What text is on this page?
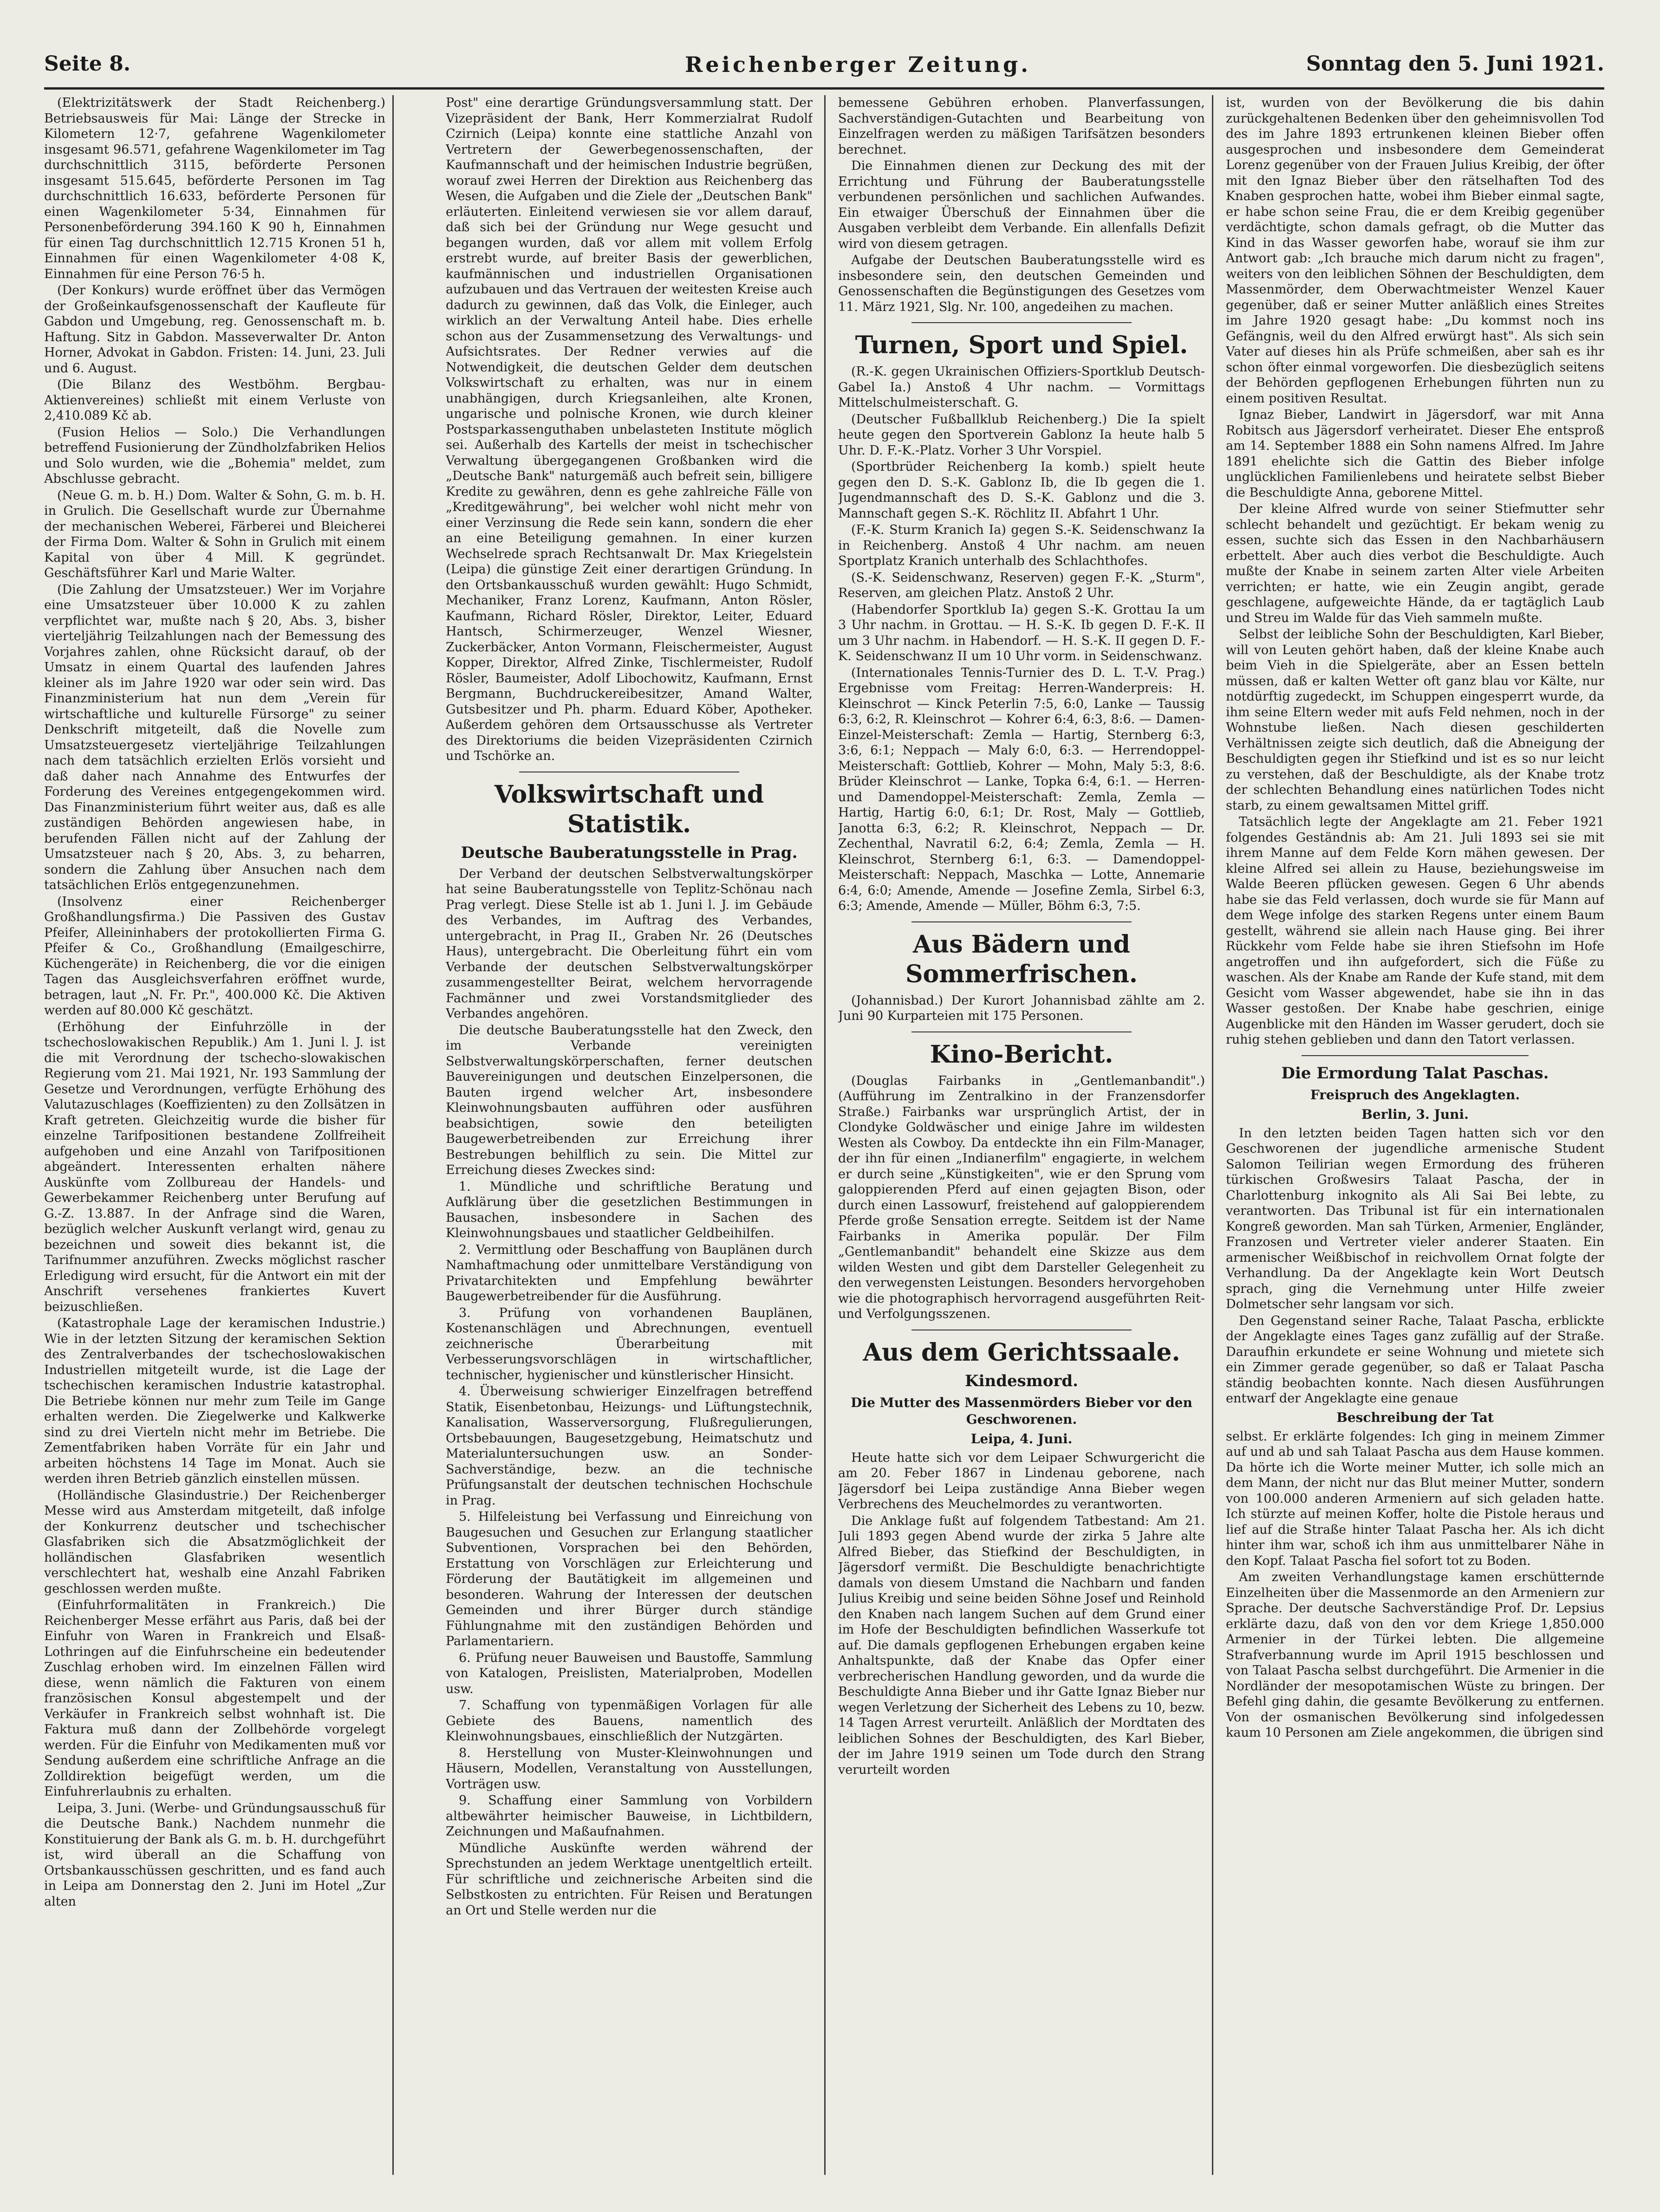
Seite 8.	Reichenberger Zeitung.	Sonntag den 5. Juni 1921.

(Elektrizitätswerk der Stadt Reichenberg.) Betriebsausweis für Mai: Länge der Strecke in Kilometern 12·7, gefahrene Wagenkilometer insgesamt 96.571, gefahrene Wagenkilometer im Tag durchschnittlich 3115, beförderte Personen insgesamt 515.645, beförderte Personen im Tag durchschnittlich 16.633, beförderte Personen für einen Wagenkilometer 5·34, Einnahmen für Personenbeförderung 394.160 K 90 h, Einnahmen für einen Tag durchschnittlich 12.715 Kronen 51 h, Einnahmen für einen Wagenkilometer 4·08 K, Einnahmen für eine Person 76·5 h.

(Der Konkurs) wurde eröffnet über das Vermögen der Großeinkaufsgenossenschaft der Kaufleute für Gabdon und Umgebung, reg. Genossenschaft m. b. Haftung. Sitz in Gabdon. Masseverwalter Dr. Anton Horner, Advokat in Gabdon. Fristen: 14. Juni, 23. Juli und 6. August.

(Die Bilanz des Westböhm. Bergbau-Aktienvereines) schließt mit einem Verluste von 2,410.089 Kč ab.

(Fusion Helios — Solo.) Die Verhandlungen betreffend Fusionierung der Zündholzfabriken Helios und Solo wurden, wie die „Bohemia" meldet, zum Abschlusse gebracht.

(Neue G. m. b. H.) Dom. Walter & Sohn, G. m. b. H. in Grulich. Die Gesellschaft wurde zur Übernahme der mechanischen Weberei, Färberei und Bleicherei der Firma Dom. Walter & Sohn in Grulich mit einem Kapital von über 4 Mill. K gegründet. Geschäftsführer Karl und Marie Walter.

(Die Zahlung der Umsatzsteuer.) Wer im Vorjahre eine Umsatzsteuer über 10.000 K zu zahlen verpflichtet war, mußte nach § 20, Abs. 3, bisher vierteljährig Teilzahlungen nach der Bemessung des Vorjahres zahlen, ohne Rücksicht darauf, ob der Umsatz in einem Quartal des laufenden Jahres kleiner als im Jahre 1920 war oder sein wird. Das Finanzministerium hat nun dem „Verein für wirtschaftliche und kulturelle Fürsorge" zu seiner Denkschrift mitgeteilt, daß die Novelle zum Umsatzsteuergesetz vierteljährige Teilzahlungen nach dem tatsächlich erzielten Erlös vorsieht und daß daher nach Annahme des Entwurfes der Forderung des Vereines entgegengekommen wird. Das Finanzministerium führt weiter aus, daß es alle zuständigen Behörden angewiesen habe, in berufenden Fällen nicht auf der Zahlung der Umsatzsteuer nach § 20, Abs. 3, zu beharren, sondern die Zahlung über Ansuchen nach dem tatsächlichen Erlös entgegenzunehmen.

(Insolvenz einer Reichenberger Großhandlungsfirma.) Die Passiven des Gustav Pfeifer, Alleininhabers der protokollierten Firma G. Pfeifer & Co., Großhandlung (Emailgeschirre, Küchengeräte) in Reichenberg, die vor die einigen Tagen das Ausgleichsverfahren eröffnet wurde, betragen, laut „N. Fr. Pr.", 400.000 Kč. Die Aktiven werden auf 80.000 Kč geschätzt.

(Erhöhung der Einfuhrzölle in der tschechoslowakischen Republik.) Am 1. Juni l. J. ist die mit Verordnung der tschecho-slowakischen Regierung vom 21. Mai 1921, Nr. 193 Sammlung der Gesetze und Verordnungen, verfügte Erhöhung des Valutazuschlages (Koeffizienten) zu den Zollsätzen in Kraft getreten. Gleichzeitig wurde die bisher für einzelne Tarifpositionen bestandene Zollfreiheit aufgehoben und eine Anzahl von Tarifpositionen abgeändert. Interessenten erhalten nähere Auskünfte vom Zollbureau der Handels- und Gewerbekammer Reichenberg unter Berufung auf G.-Z. 13.887. In der Anfrage sind die Waren, bezüglich welcher Auskunft verlangt wird, genau zu bezeichnen und soweit dies bekannt ist, die Tarifnummer anzuführen. Zwecks möglichst rascher Erledigung wird ersucht, für die Antwort ein mit der Anschrift versehenes frankiertes Kuvert beizuschließen.

(Katastrophale Lage der keramischen Industrie.) Wie in der letzten Sitzung der keramischen Sektion des Zentralverbandes der tschechoslowakischen Industriellen mitgeteilt wurde, ist die Lage der tschechischen keramischen Industrie katastrophal. Die Betriebe können nur mehr zum Teile im Gange erhalten werden. Die Ziegelwerke und Kalkwerke sind zu drei Vierteln nicht mehr im Betriebe. Die Zementfabriken haben Vorräte für ein Jahr und arbeiten höchstens 14 Tage im Monat. Auch sie werden ihren Betrieb gänzlich einstellen müssen.

(Holländische Glasindustrie.) Der Reichenberger Messe wird aus Amsterdam mitgeteilt, daß infolge der Konkurrenz deutscher und tschechischer Glasfabriken sich die Absatzmöglichkeit der holländischen Glasfabriken wesentlich verschlechtert hat, weshalb eine Anzahl Fabriken geschlossen werden mußte.

(Einfuhrformalitäten in Frankreich.) Die Reichenberger Messe erfährt aus Paris, daß bei der Einfuhr von Waren in Frankreich und Elsaß-Lothringen auf die Einfuhrscheine ein bedeutender Zuschlag erhoben wird. Im einzelnen Fällen wird diese, wenn nämlich die Fakturen von einem französischen Konsul abgestempelt und der Verkäufer in Frankreich selbst wohnhaft ist. Die Faktura muß dann der Zollbehörde vorgelegt werden. Für die Einfuhr von Medikamenten muß vor Sendung außerdem eine schriftliche Anfrage an die Zolldirektion beigefügt werden, um die Einfuhrerlaubnis zu erhalten.

Leipa, 3. Juni. (Werbe- und Gründungsausschuß für die Deutsche Bank.) Nachdem nunmehr die Konstituierung der Bank als G. m. b. H. durchgeführt ist, wird überall an die Schaffung von Ortsbankausschüssen geschritten, und es fand auch in Leipa am Donnerstag den 2. Juni im Hotel „Zur alten

Post" eine derartige Gründungsversammlung statt. Der Vizepräsident der Bank, Herr Kommerzialrat Rudolf Czirnich (Leipa) konnte eine stattliche Anzahl von Vertretern der Gewerbegenossenschaften, der Kaufmannschaft und der heimischen Industrie begrüßen, worauf zwei Herren der Direktion aus Reichenberg das Wesen, die Aufgaben und die Ziele der „Deutschen Bank" erläuterten. Einleitend verwiesen sie vor allem darauf, daß sich bei der Gründung nur Wege gesucht und begangen wurden, daß vor allem mit vollem Erfolg erstrebt wurde, auf breiter Basis der gewerblichen, kaufmännischen und industriellen Organisationen aufzubauen und das Vertrauen der weitesten Kreise auch dadurch zu gewinnen, daß das Volk, die Einleger, auch wirklich an der Verwaltung Anteil habe. Dies erhelle schon aus der Zusammensetzung des Verwaltungs- und Aufsichtsrates. Der Redner verwies auf die Notwendigkeit, die deutschen Gelder dem deutschen Volkswirtschaft zu erhalten, was nur in einem unabhängigen, durch Kriegsanleihen, alte Kronen, ungarische und polnische Kronen, wie durch kleiner Postsparkassenguthaben unbelasteten Institute möglich sei. Außerhalb des Kartells der meist in tschechischer Verwaltung übergegangenen Großbanken wird die „Deutsche Bank" naturgemäß auch befreit sein, billigere Kredite zu gewähren, denn es gehe zahlreiche Fälle von „Kreditgewährung", bei welcher wohl nicht mehr von einer Verzinsung die Rede sein kann, sondern die eher an eine Beteiligung gemahnen. In einer kurzen Wechselrede sprach Rechtsanwalt Dr. Max Kriegelstein (Leipa) die günstige Zeit einer derartigen Gründung. In den Ortsbankausschuß wurden gewählt: Hugo Schmidt, Mechaniker, Franz Lorenz, Kaufmann, Anton Rösler, Kaufmann, Richard Rösler, Direktor, Leiter, Eduard Hantsch, Schirmerzeuger, Wenzel Wiesner, Zuckerbäcker, Anton Vormann, Fleischermeister, August Kopper, Direktor, Alfred Zinke, Tischlermeister, Rudolf Rösler, Baumeister, Adolf Libochowitz, Kaufmann, Ernst Bergmann, Buchdruckereibesitzer, Amand Walter, Gutsbesitzer und Ph. pharm. Eduard Köber, Apotheker. Außerdem gehören dem Ortsausschusse als Vertreter des Direktoriums die beiden Vizepräsidenten Czirnich und Tschörke an.

Volkswirtschaft und Statistik.
Deutsche Bauberatungsstelle in Prag.

Der Verband der deutschen Selbstverwaltungskörper hat seine Bauberatungsstelle von Teplitz-Schönau nach Prag verlegt. Diese Stelle ist ab 1. Juni l. J. im Gebäude des Verbandes, im Auftrag des Verbandes, untergebracht, in Prag II., Graben Nr. 26 (Deutsches Haus), untergebracht. Die Oberleitung führt ein vom Verbande der deutschen Selbstverwaltungskörper zusammengestellter Beirat, welchem hervorragende Fachmänner und zwei Vorstandsmitglieder des Verbandes angehören.

Die deutsche Bauberatungsstelle hat den Zweck, den im Verbande vereinigten Selbstverwaltungskörperschaften, ferner deutschen Bauvereinigungen und deutschen Einzelpersonen, die Bauten irgend welcher Art, insbesondere Kleinwohnungsbauten aufführen oder ausführen beabsichtigen, sowie den beteiligten Baugewerbetreibenden zur Erreichung ihrer Bestrebungen behilflich zu sein. Die Mittel zur Erreichung dieses Zweckes sind:

1. Mündliche und schriftliche Beratung und Aufklärung über die gesetzlichen Bestimmungen in Bausachen, insbesondere in Sachen des Kleinwohnungsbaues und staatlicher Geldbeihilfen.

2. Vermittlung oder Beschaffung von Bauplänen durch Namhaftmachung oder unmittelbare Verständigung von Privatarchitekten und Empfehlung bewährter Baugewerbetreibender für die Ausführung.

3. Prüfung von vorhandenen Bauplänen, Kostenanschlägen und Abrechnungen, eventuell zeichnerische Überarbeitung mit Verbesserungsvorschlägen in wirtschaftlicher, technischer, hygienischer und künstlerischer Hinsicht.

4. Überweisung schwieriger Einzelfragen betreffend Statik, Eisenbetonbau, Heizungs- und Lüftungstechnik, Kanalisation, Wasserversorgung, Flußregulierungen, Ortsbebauungen, Baugesetzgebung, Heimatschutz und Materialuntersuchungen usw. an Sonder-Sachverständige, bezw. an die technische Prüfungsanstalt der deutschen technischen Hochschule in Prag.

5. Hilfeleistung bei Verfassung und Einreichung von Baugesuchen und Gesuchen zur Erlangung staatlicher Subventionen, Vorsprachen bei den Behörden, Erstattung von Vorschlägen zur Erleichterung und Förderung der Bautätigkeit im allgemeinen und besonderen. Wahrung der Interessen der deutschen Gemeinden und ihrer Bürger durch ständige Fühlungnahme mit den zuständigen Behörden und Parlamentariern.

6. Prüfung neuer Bauweisen und Baustoffe, Sammlung von Katalogen, Preislisten, Materialproben, Modellen usw.

7. Schaffung von typenmäßigen Vorlagen für alle Gebiete des Bauens, namentlich des Kleinwohnungsbaues, einschließlich der Nutzgärten.

8. Herstellung von Muster-Kleinwohnungen und Häusern, Modellen, Veranstaltung von Ausstellungen, Vorträgen usw.

9. Schaffung einer Sammlung von Vorbildern altbewährter heimischer Bauweise, in Lichtbildern, Zeichnungen und Maßaufnahmen.

Mündliche Auskünfte werden während der Sprechstunden an jedem Werktage unentgeltlich erteilt. Für schriftliche und zeichnerische Arbeiten sind die Selbstkosten zu entrichten. Für Reisen und Beratungen an Ort und Stelle werden nur die

bemessene Gebühren erhoben. Planverfassungen, Sachverständigen-Gutachten und Bearbeitung von Einzelfragen werden zu mäßigen Tarifsätzen besonders berechnet.

Die Einnahmen dienen zur Deckung des mit der Errichtung und Führung der Bauberatungsstelle verbundenen persönlichen und sachlichen Aufwandes. Ein etwaiger Überschuß der Einnahmen über die Ausgaben verbleibt dem Verbande. Ein allenfalls Defizit wird von diesem getragen.

Aufgabe der Deutschen Bauberatungsstelle wird es insbesondere sein, den deutschen Gemeinden und Genossenschaften die Begünstigungen des Gesetzes vom 11. März 1921, Slg. Nr. 100, angedeihen zu machen.

Turnen, Sport und Spiel.

(R.-K. gegen Ukrainischen Offiziers-Sportklub Deutsch-Gabel Ia.) Anstoß 4 Uhr nachm. — Vormittags Mittelschulmeisterschaft. G.

(Deutscher Fußballklub Reichenberg.) Die Ia spielt heute gegen den Sportverein Gablonz Ia heute halb 5 Uhr. D. F.-K.-Platz. Vorher 3 Uhr Vorspiel.

(Sportbrüder Reichenberg Ia komb.) spielt heute gegen den D. S.-K. Gablonz Ib, die Ib gegen die 1. Jugendmannschaft des D. S.-K. Gablonz und die 3. Mannschaft gegen S.-K. Röchlitz II. Abfahrt 1 Uhr.

(F.-K. Sturm Kranich Ia) gegen S.-K. Seidenschwanz Ia in Reichenberg. Anstoß 4 Uhr nachm. am neuen Sportplatz Kranich unterhalb des Schlachthofes.

(S.-K. Seidenschwanz, Reserven) gegen F.-K. „Sturm", Reserven, am gleichen Platz. Anstoß 2 Uhr.

(Habendorfer Sportklub Ia) gegen S.-K. Grottau Ia um 3 Uhr nachm. in Grottau. — H. S.-K. Ib gegen D. F.-K. II um 3 Uhr nachm. in Habendorf. — H. S.-K. II gegen D. F.-K. Seidenschwanz II um 10 Uhr vorm. in Seidenschwanz.

(Internationales Tennis-Turnier des D. L. T.-V. Prag.) Ergebnisse vom Freitag: Herren-Wanderpreis: H. Kleinschrot — Kinck Peterlin 7:5, 6:0, Lanke — Taussig 6:3, 6:2, R. Kleinschrot — Kohrer 6:4, 6:3, 8:6. — Damen-Einzel-Meisterschaft: Zemla — Hartig, Sternberg 6:3, 3:6, 6:1; Neppach — Maly 6:0, 6:3. — Herrendoppel-Meisterschaft: Gottlieb, Kohrer — Mohn, Maly 5:3, 8:6. Brüder Kleinschrot — Lanke, Topka 6:4, 6:1. — Herren- und Damendoppel-Meisterschaft: Zemla, Zemla — Hartig, Hartig 6:0, 6:1; Dr. Rost, Maly — Gottlieb, Janotta 6:3, 6:2; R. Kleinschrot, Neppach — Dr. Zechenthal, Navratil 6:2, 6:4; Zemla, Zemla — H. Kleinschrot, Sternberg 6:1, 6:3. — Damendoppel-Meisterschaft: Neppach, Maschka — Lotte, Annemarie 6:4, 6:0; Amende, Amende — Josefine Zemla, Sirbel 6:3, 6:3; Amende, Amende — Müller, Böhm 6:3, 7:5.

Aus Bädern und Sommerfrischen.

(Johannisbad.) Der Kurort Johannisbad zählte am 2. Juni 90 Kurparteien mit 175 Personen.

Kino-Bericht.

(Douglas Fairbanks in „Gentlemanbandit".) (Aufführung im Zentralkino in der Franzensdorfer Straße.) Fairbanks war ursprünglich Artist, der in Clondyke Goldwäscher und einige Jahre im wildesten Westen als Cowboy. Da entdeckte ihn ein Film-Manager, der ihn für einen „Indianerfilm" engagierte, in welchem er durch seine „Künstigkeiten", wie er den Sprung vom galoppierenden Pferd auf einen gejagten Bison, oder durch einen Lassowurf, freistehend auf galoppierendem Pferde große Sensation erregte. Seitdem ist der Name Fairbanks in Amerika populär. Der Film „Gentlemanbandit" behandelt eine Skizze aus dem wilden Westen und gibt dem Darsteller Gelegenheit zu den verwegensten Leistungen. Besonders hervorgehoben wie die photographisch hervorragend ausgeführten Reit- und Verfolgungsszenen.

Aus dem Gerichtssaale.
Kindesmord.
Die Mutter des Massenmörders Bieber vor den Geschworenen.
Leipa, 4. Juni.

Heute hatte sich vor dem Leipaer Schwurgericht die am 20. Feber 1867 in Lindenau geborene, nach Jägersdorf bei Leipa zuständige Anna Bieber wegen Verbrechens des Meuchelmordes zu verantworten.

Die Anklage fußt auf folgendem Tatbestand: Am 21. Juli 1893 gegen Abend wurde der zirka 5 Jahre alte Alfred Bieber, das Stiefkind der Beschuldigten, in Jägersdorf vermißt. Die Beschuldigte benachrichtigte damals von diesem Umstand die Nachbarn und fanden Julius Kreibig und seine beiden Söhne Josef und Reinhold den Knaben nach langem Suchen auf dem Grund einer im Hofe der Beschuldigten befindlichen Wasserkufe tot auf. Die damals gepflogenen Erhebungen ergaben keine Anhaltspunkte, daß der Knabe das Opfer einer verbrecherischen Handlung geworden, und da wurde die Beschuldigte Anna Bieber und ihr Gatte Ignaz Bieber nur wegen Verletzung der Sicherheit des Lebens zu 10, bezw. 14 Tagen Arrest verurteilt. Anläßlich der Mordtaten des leiblichen Sohnes der Beschuldigten, des Karl Bieber, der im Jahre 1919 seinen um Tode durch den Strang verurteilt worden

ist, wurden von der Bevölkerung die bis dahin zurückgehaltenen Bedenken über den geheimnisvollen Tod des im Jahre 1893 ertrunkenen kleinen Bieber offen ausgesprochen und insbesondere dem Gemeinderat Lorenz gegenüber von der Frauen Julius Kreibig, der öfter mit den Ignaz Bieber über den rätselhaften Tod des Knaben gesprochen hatte, wobei ihm Bieber einmal sagte, er habe schon seine Frau, die er dem Kreibig gegenüber verdächtigte, schon damals gefragt, ob die Mutter das Kind in das Wasser geworfen habe, worauf sie ihm zur Antwort gab: „Ich brauche mich darum nicht zu fragen", weiters von den leiblichen Söhnen der Beschuldigten, dem Massenmörder, dem Oberwachtmeister Wenzel Kauer gegenüber, daß er seiner Mutter anläßlich eines Streites im Jahre 1920 gesagt habe: „Du kommst noch ins Gefängnis, weil du den Alfred erwürgt hast". Als sich sein Vater auf dieses hin als Prüfe schmeißen, aber sah es ihr schon öfter einmal vorgeworfen. Die diesbezüglich seitens der Behörden gepflogenen Erhebungen führten nun zu einem positiven Resultat.

Ignaz Bieber, Landwirt in Jägersdorf, war mit Anna Robitsch aus Jägersdorf verheiratet. Dieser Ehe entsproß am 14. September 1888 ein Sohn namens Alfred. Im Jahre 1891 ehelichte sich die Gattin des Bieber infolge unglücklichen Familienlebens und heiratete selbst Bieber die Beschuldigte Anna, geborene Mittel.

Der kleine Alfred wurde von seiner Stiefmutter sehr schlecht behandelt und gezüchtigt. Er bekam wenig zu essen, suchte sich das Essen in den Nachbarhäusern erbettelt. Aber auch dies verbot die Beschuldigte. Auch mußte der Knabe in seinem zarten Alter viele Arbeiten verrichten; er hatte, wie ein Zeugin angibt, gerade geschlagene, aufgeweichte Hände, da er tagtäglich Laub und Streu im Walde für das Vieh sammeln mußte.

Selbst der leibliche Sohn der Beschuldigten, Karl Bieber, will von Leuten gehört haben, daß der kleine Knabe auch beim Vieh in die Spielgeräte, aber an Essen betteln müssen, daß er kalten Wetter oft ganz blau vor Kälte, nur notdürftig zugedeckt, im Schuppen eingesperrt wurde, da ihm seine Eltern weder mit aufs Feld nehmen, noch in der Wohnstube ließen. Nach diesen geschilderten Verhältnissen zeigte sich deutlich, daß die Abneigung der Beschuldigten gegen ihr Stiefkind und ist es so nur leicht zu verstehen, daß der Beschuldigte, als der Knabe trotz der schlechten Behandlung eines natürlichen Todes nicht starb, zu einem gewaltsamen Mittel griff.

Tatsächlich legte der Angeklagte am 21. Feber 1921 folgendes Geständnis ab: Am 21. Juli 1893 sei sie mit ihrem Manne auf dem Felde Korn mähen gewesen. Der kleine Alfred sei allein zu Hause, beziehungsweise im Walde Beeren pflücken gewesen. Gegen 6 Uhr abends habe sie das Feld verlassen, doch wurde sie für Mann auf dem Wege infolge des starken Regens unter einem Baum gestellt, während sie allein nach Hause ging. Bei ihrer Rückkehr vom Felde habe sie ihren Stiefsohn im Hofe angetroffen und ihn aufgefordert, sich die Füße zu waschen. Als der Knabe am Rande der Kufe stand, mit dem Gesicht vom Wasser abgewendet, habe sie ihn in das Wasser gestoßen. Der Knabe habe geschrien, einige Augenblicke mit den Händen im Wasser gerudert, doch sie ruhig stehen geblieben und dann den Tatort verlassen.

Die Ermordung Talat Paschas.
Freispruch des Angeklagten.
Berlin, 3. Juni.

In den letzten beiden Tagen hatten sich vor den Geschworenen der jugendliche armenische Student Salomon Teilirian wegen Ermordung des früheren türkischen Großwesirs Talaat Pascha, der in Charlottenburg inkognito als Ali Sai Bei lebte, zu verantworten. Das Tribunal ist für ein internationalen Kongreß geworden. Man sah Türken, Armenier, Engländer, Franzosen und Vertreter vieler anderer Staaten. Ein armenischer Weißbischof in reichvollem Ornat folgte der Verhandlung. Da der Angeklagte kein Wort Deutsch sprach, ging die Vernehmung unter Hilfe zweier Dolmetscher sehr langsam vor sich.

Den Gegenstand seiner Rache, Talaat Pascha, erblickte der Angeklagte eines Tages ganz zufällig auf der Straße. Daraufhin erkundete er seine Wohnung und mietete sich ein Zimmer gerade gegenüber, so daß er Talaat Pascha ständig beobachten konnte. Nach diesen Ausführungen entwarf der Angeklagte eine genaue

Beschreibung der Tat

selbst. Er erklärte folgendes: Ich ging in meinem Zimmer auf und ab und sah Talaat Pascha aus dem Hause kommen. Da hörte ich die Worte meiner Mutter, ich solle mich an dem Mann, der nicht nur das Blut meiner Mutter, sondern von 100.000 anderen Armeniern auf sich geladen hatte. Ich stürzte auf meinen Koffer, holte die Pistole heraus und lief auf die Straße hinter Talaat Pascha her. Als ich dicht hinter ihm war, schoß ich ihm aus unmittelbarer Nähe in den Kopf. Talaat Pascha fiel sofort tot zu Boden.

Am zweiten Verhandlungstage kamen erschütternde Einzelheiten über die Massenmorde an den Armeniern zur Sprache. Der deutsche Sachverständige Prof. Dr. Lepsius erklärte dazu, daß von den vor dem Kriege 1,850.000 Armenier in der Türkei lebten. Die allgemeine Strafverbannung wurde im April 1915 beschlossen und von Talaat Pascha selbst durchgeführt. Die Armenier in die Nordländer der mesopotamischen Wüste zu bringen. Der Befehl ging dahin, die gesamte Bevölkerung zu entfernen. Von der osmanischen Bevölkerung sind infolgedessen kaum 10 Personen am Ziele angekommen, die übrigen sind
